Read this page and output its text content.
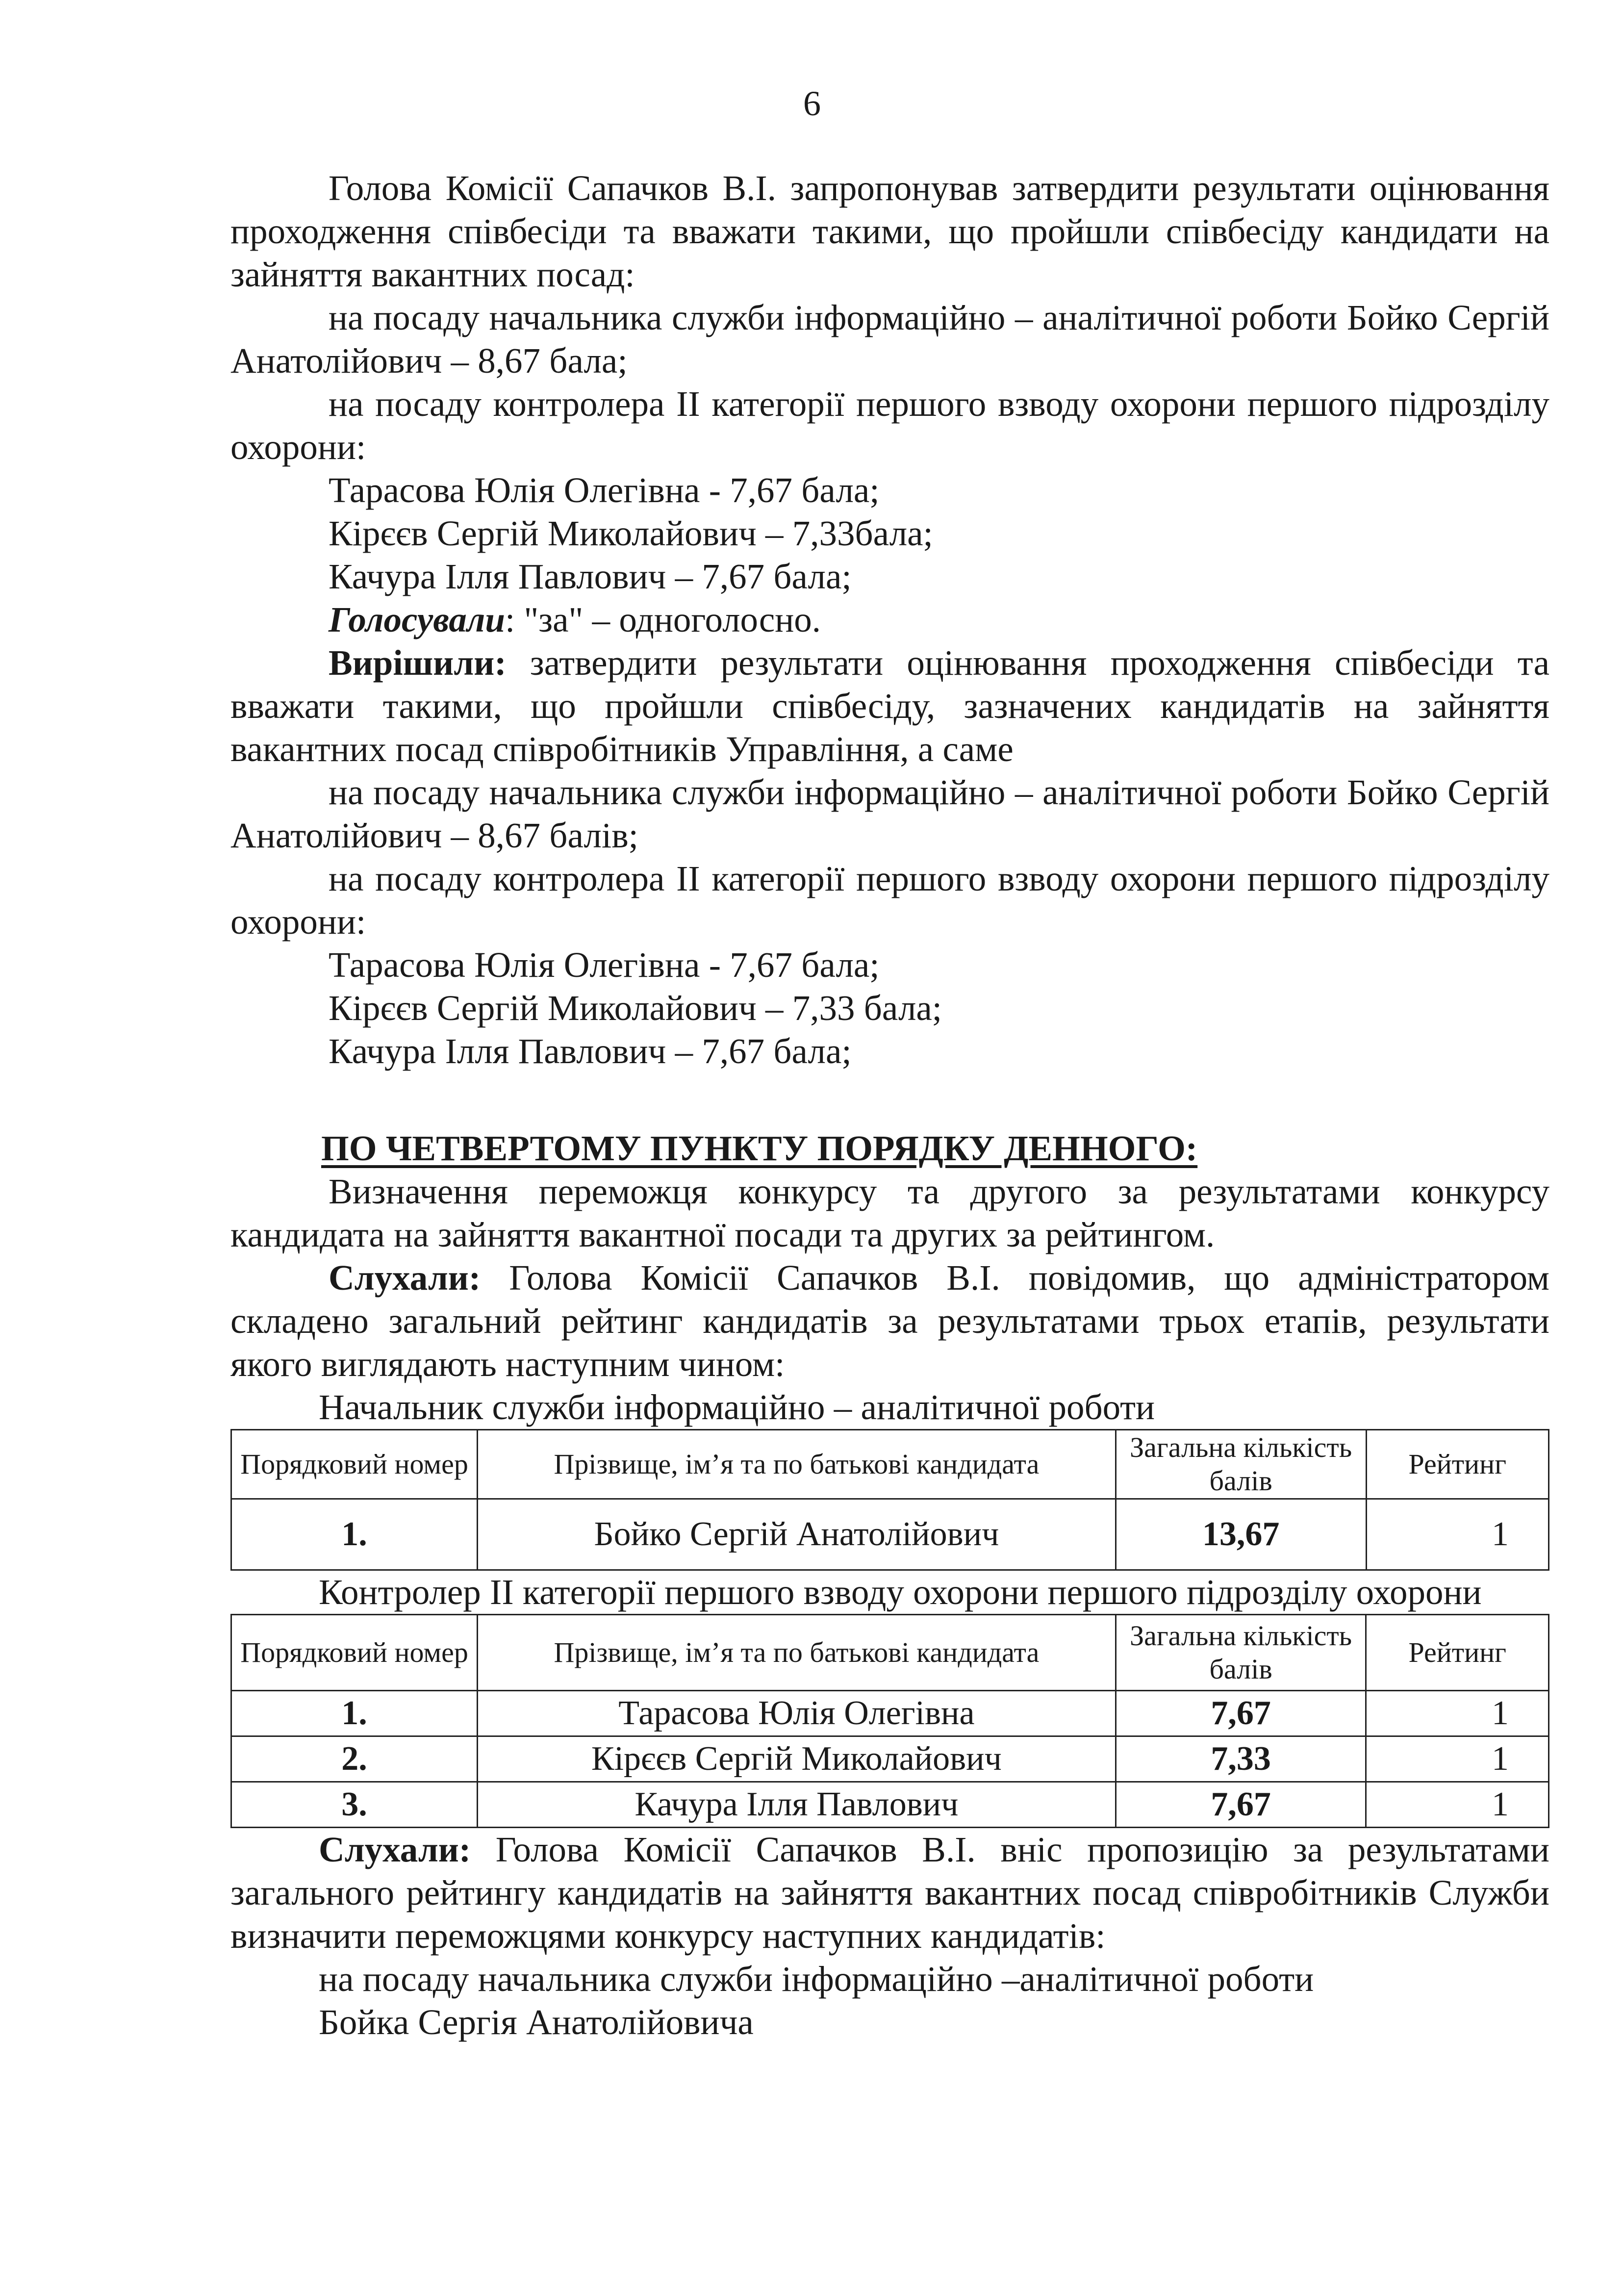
6

Голова Комісії Сапачков В.І. запропонував затвердити результати оцінювання проходження співбесіди та вважати такими, що пройшли співбесіду кандидати на зайняття вакантних посад:

на посаду начальника служби інформаційно – аналітичної роботи Бойко Сергій Анатолійович – 8,67 бала;

на посаду контролера ІІ категорії першого взводу охорони першого підрозділу охорони:

Тарасова Юлія Олегівна - 7,67 бала;

Кірєєв Сергій Миколайович – 7,33бала;

Качура Ілля Павлович – 7,67 бала;

Голосували: "за" – одноголосно.

Вирішили: затвердити результати оцінювання проходження співбесіди та вважати такими, що пройшли співбесіду, зазначених кандидатів на зайняття вакантних посад співробітників Управління, а саме

на посаду начальника служби інформаційно – аналітичної роботи Бойко Сергій Анатолійович – 8,67 балів;

на посаду контролера ІІ категорії першого взводу охорони першого підрозділу охорони:

Тарасова Юлія Олегівна - 7,67 бала;

Кірєєв Сергій Миколайович – 7,33 бала;

Качура Ілля Павлович – 7,67 бала;

ПО ЧЕТВЕРТОМУ ПУНКТУ ПОРЯДКУ ДЕННОГО:

Визначення переможця конкурсу та другого за результатами конкурсу кандидата на зайняття вакантної посади та других за рейтингом.

Слухали: Голова Комісії Сапачков В.І. повідомив, що адміністратором складено загальний рейтинг кандидатів за результатами трьох етапів, результати якого виглядають наступним чином:

Начальник служби інформаційно – аналітичної роботи

Порядковий номер	Прізвище, ім’я та по батькові кандидата	Загальна кількість балів	Рейтинг
1.	Бойко Сергій Анатолійович	13,67	1

Контролер ІІ категорії першого взводу охорони першого підрозділу охорони

Порядковий номер	Прізвище, ім’я та по батькові кандидата	Загальна кількість балів	Рейтинг
1.	Тарасова Юлія Олегівна	7,67	1
2.	Кірєєв Сергій Миколайович	7,33	1
3.	Качура Ілля Павлович	7,67	1

Слухали: Голова Комісії Сапачков В.І. вніс пропозицію за результатами загального рейтингу кандидатів на зайняття вакантних посад співробітників Служби визначити переможцями конкурсу наступних кандидатів:

на посаду начальника служби інформаційно –аналітичної роботи

Бойка Сергія Анатолійовича
